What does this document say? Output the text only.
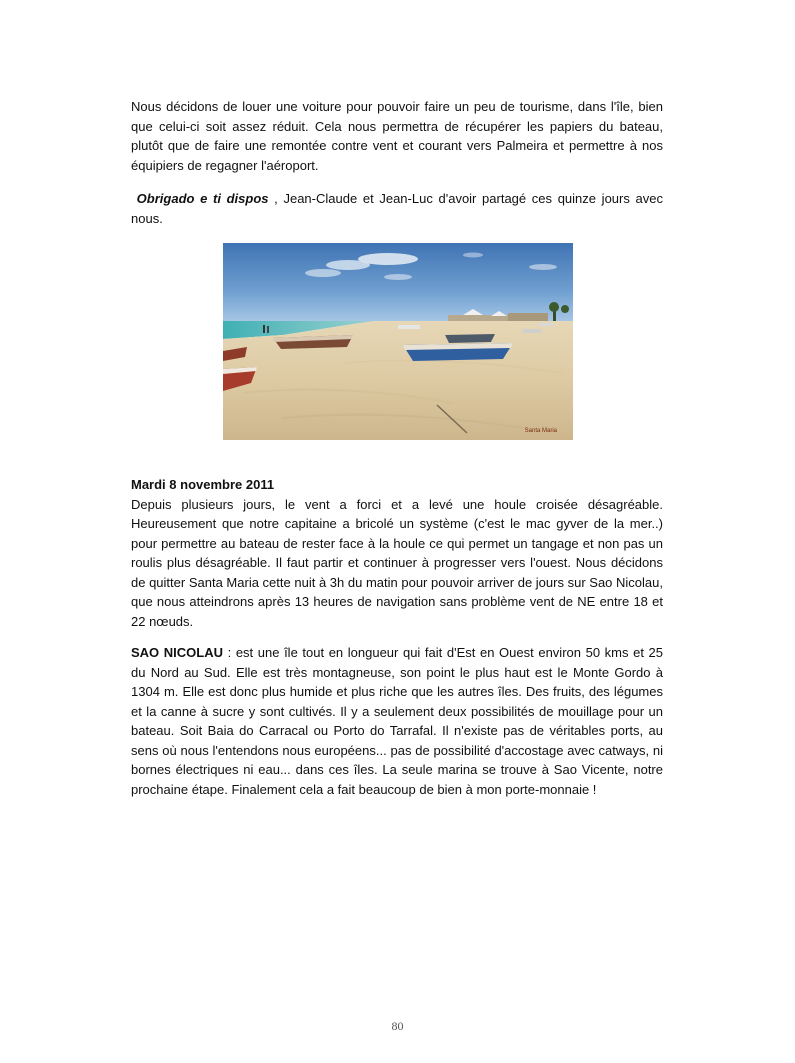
Nous décidons de louer une voiture pour pouvoir faire un peu de tourisme, dans l'île, bien que celui-ci soit assez réduit. Cela nous permettra de récupérer les papiers du bateau, plutôt que de faire une remontée contre vent et courant vers Palmeira et permettre à nos équipiers de regagner l'aéroport.

Obrigado e ti dispos , Jean-Claude et Jean-Luc d'avoir partagé ces quinze jours avec nous.

Santa Maria

Mardi 8 novembre 2011
Depuis plusieurs jours, le vent a forci et a levé une houle croisée désagréable. Heureusement que notre capitaine a bricolé un système (c'est le mac gyver de la mer..) pour permettre au bateau de rester face à la houle ce qui permet un tangage et non pas un roulis plus désagréable. Il faut partir et continuer à progresser vers l'ouest. Nous décidons de quitter Santa Maria cette nuit à 3h du matin pour pouvoir arriver de jours sur Sao Nicolau, que nous atteindrons après 13 heures de navigation sans problème vent de NE entre 18 et 22 nœuds.

SAO NICOLAU : est une île tout en longueur qui fait d'Est en Ouest environ 50 kms et 25 du Nord au Sud. Elle est très montagneuse, son point le plus haut est le Monte Gordo à 1304 m. Elle est donc plus humide et plus riche que les autres îles. Des fruits, des légumes et la canne à sucre y sont cultivés. Il y a seulement deux possibilités de mouillage pour un bateau. Soit Baia do Carracal ou Porto do Tarrafal. Il n'existe pas de véritables ports, au sens où nous l'entendons nous européens... pas de possibilité d'accostage avec catways, ni bornes électriques ni eau... dans ces îles. La seule marina se trouve à Sao Vicente, notre prochaine étape. Finalement cela a fait beaucoup de bien à mon porte-monnaie !

80
